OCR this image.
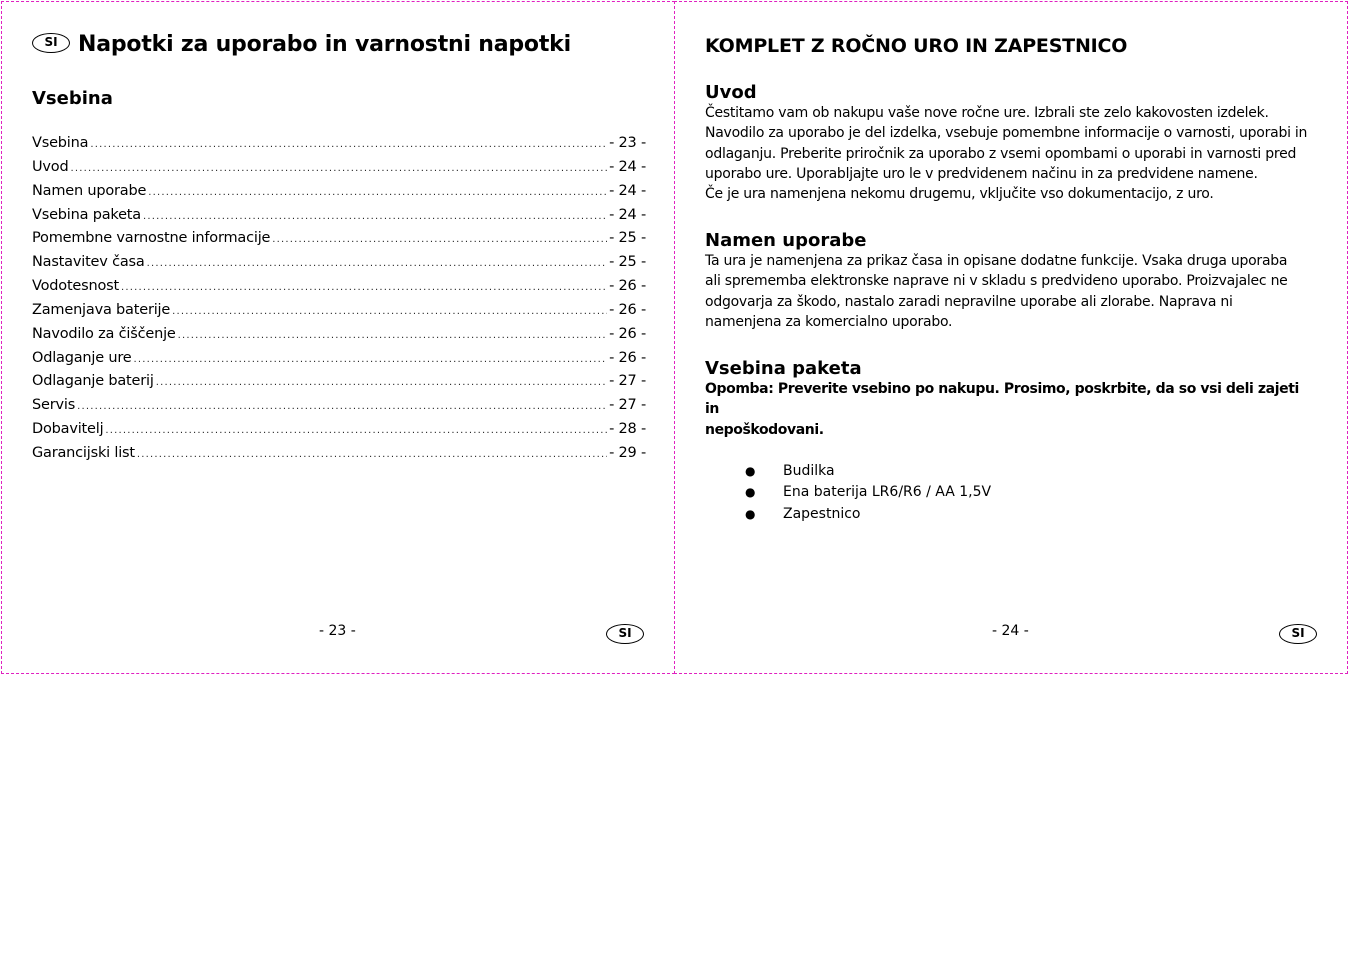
SI Napotki za uporabo in varnostni napotki
Vsebina
Vsebina .....	- 23 -
Uvod .....	- 24 -
Namen uporabe .....	- 24 -
Vsebina paketa .....	- 24 -
Pomembne varnostne informacije .....	- 25 -
Nastavitev časa .....	- 25 -
Vodotesnost .....	- 26 -
Zamenjava baterije .....	- 26 -
Navodilo za čiščenje .....	- 26 -
Odlaganje ure .....	- 26 -
Odlaganje baterij .....	- 27 -
Servis .....	- 27 -
Dobavitelj .....	- 28 -
Garancijski list .....	- 29 -
- 23 -	SI
KOMPLET Z ROČNO URO IN ZAPESTNICO
Uvod

Čestitamo vam ob nakupu vaše nove ročne ure. Izbrali ste zelo kakovosten izdelek.

Navodilo za uporabo je del izdelka, vsebuje pomembne informacije o varnosti, uporabi in

odlaganju. Preberite priročnik za uporabo z vsemi opombami o uporabi in varnosti pred

uporabo ure. Uporabljajte uro le v predvidenem načinu in za predvidene namene.

Če je ura namenjena nekomu drugemu, vključite vso dokumentacijo, z uro.

Namen uporabe

Ta ura je namenjena za prikaz časa in opisane dodatne funkcije. Vsaka druga uporaba

ali sprememba elektronske naprave ni v skladu s predvideno uporabo. Proizvajalec ne

odgovarja za škodo, nastalo zaradi nepravilne uporabe ali zlorabe. Naprava ni

namenjena za komercialno uporabo.

Vsebina paketa

Opomba: Preverite vsebino po nakupu. Prosimo, poskrbite, da so vsi deli zajeti in

nepoškodovani.

●	Budilka
●	Ena baterija LR6/R6 / AA 1,5V
●	Zapestnico
- 24 -	SI
